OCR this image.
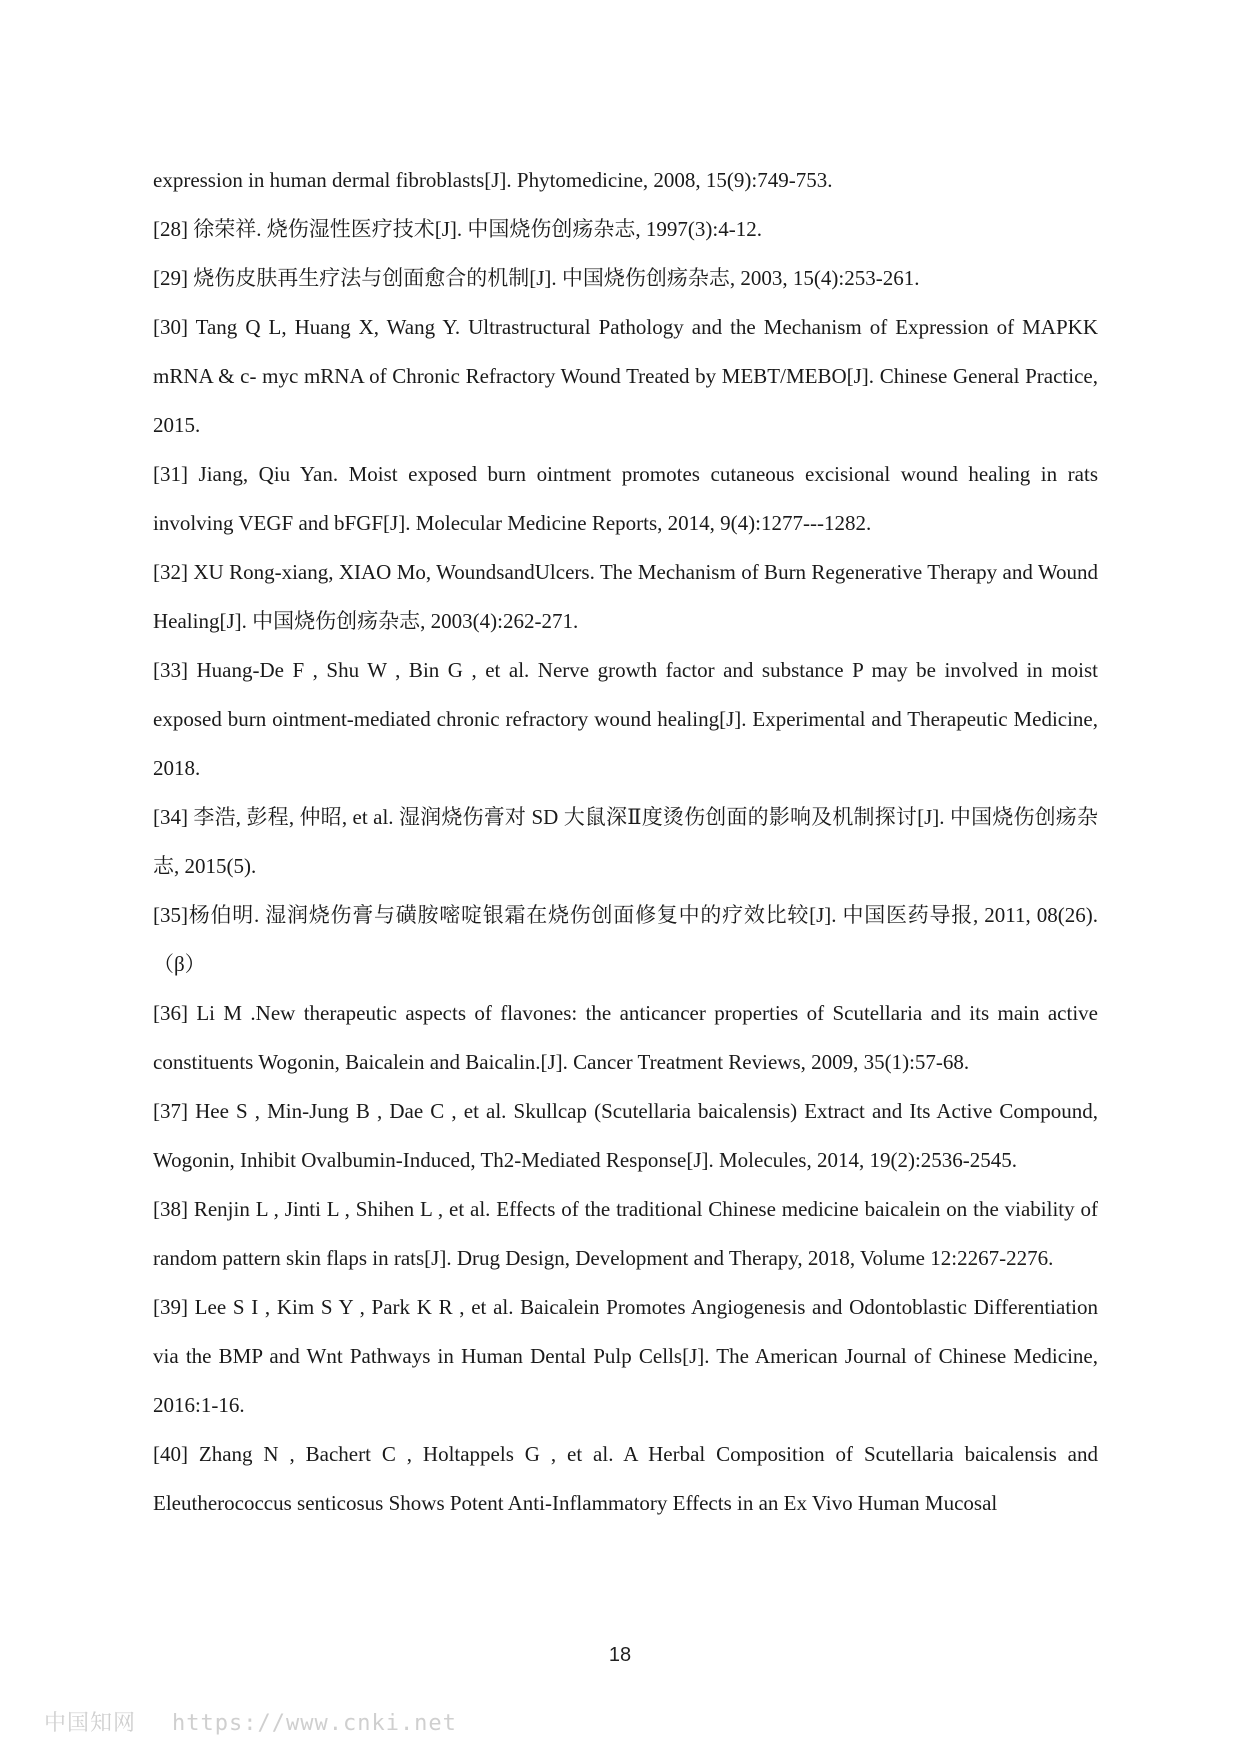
expression in human dermal fibroblasts[J]. Phytomedicine, 2008, 15(9):749-753.

[28] 徐荣祥. 烧伤湿性医疗技术[J]. 中国烧伤创疡杂志, 1997(3):4-12.

[29] 烧伤皮肤再生疗法与创面愈合的机制[J]. 中国烧伤创疡杂志, 2003, 15(4):253-261.

[30] Tang Q L, Huang X, Wang Y. Ultrastructural Pathology and the Mechanism of Expression of MAPKK mRNA & c- myc mRNA of Chronic Refractory Wound Treated by MEBT/MEBO[J]. Chinese General Practice, 2015.

[31] Jiang, Qiu Yan. Moist exposed burn ointment promotes cutaneous excisional wound healing in rats involving VEGF and bFGF[J]. Molecular Medicine Reports, 2014, 9(4):1277---1282.

[32] XU Rong-xiang, XIAO Mo, WoundsandUlcers. The Mechanism of Burn Regenerative Therapy and Wound Healing[J]. 中国烧伤创疡杂志, 2003(4):262-271.

[33] Huang-De F , Shu W , Bin G , et al. Nerve growth factor and substance P may be involved in moist exposed burn ointment-mediated chronic refractory wound healing[J]. Experimental and Therapeutic Medicine, 2018.

[34] 李浩, 彭程, 仲昭, et al. 湿润烧伤膏对 SD 大鼠深Ⅱ度烫伤创面的影响及机制探讨[J]. 中国烧伤创疡杂志, 2015(5).

[35]杨伯明. 湿润烧伤膏与磺胺嘧啶银霜在烧伤创面修复中的疗效比较[J]. 中国医药导报, 2011, 08(26). （β）

[36] Li M .New therapeutic aspects of flavones: the anticancer properties of Scutellaria and its main active constituents Wogonin, Baicalein and Baicalin.[J]. Cancer Treatment Reviews, 2009, 35(1):57-68.

[37] Hee S , Min-Jung B , Dae C , et al. Skullcap (Scutellaria baicalensis) Extract and Its Active Compound, Wogonin, Inhibit Ovalbumin-Induced, Th2-Mediated Response[J]. Molecules, 2014, 19(2):2536-2545.

[38] Renjin L , Jinti L , Shihen L , et al. Effects of the traditional Chinese medicine baicalein on the viability of random pattern skin flaps in rats[J]. Drug Design, Development and Therapy, 2018, Volume 12:2267-2276.

[39] Lee S I , Kim S Y , Park K R , et al. Baicalein Promotes Angiogenesis and Odontoblastic Differentiation via the BMP and Wnt Pathways in Human Dental Pulp Cells[J]. The American Journal of Chinese Medicine, 2016:1-16.

[40] Zhang N , Bachert C , Holtappels G , et al. A Herbal Composition of Scutellaria baicalensis and Eleutherococcus senticosus Shows Potent Anti-Inflammatory Effects in an Ex Vivo Human Mucosal

18
中国知网 https://www.cnki.net
